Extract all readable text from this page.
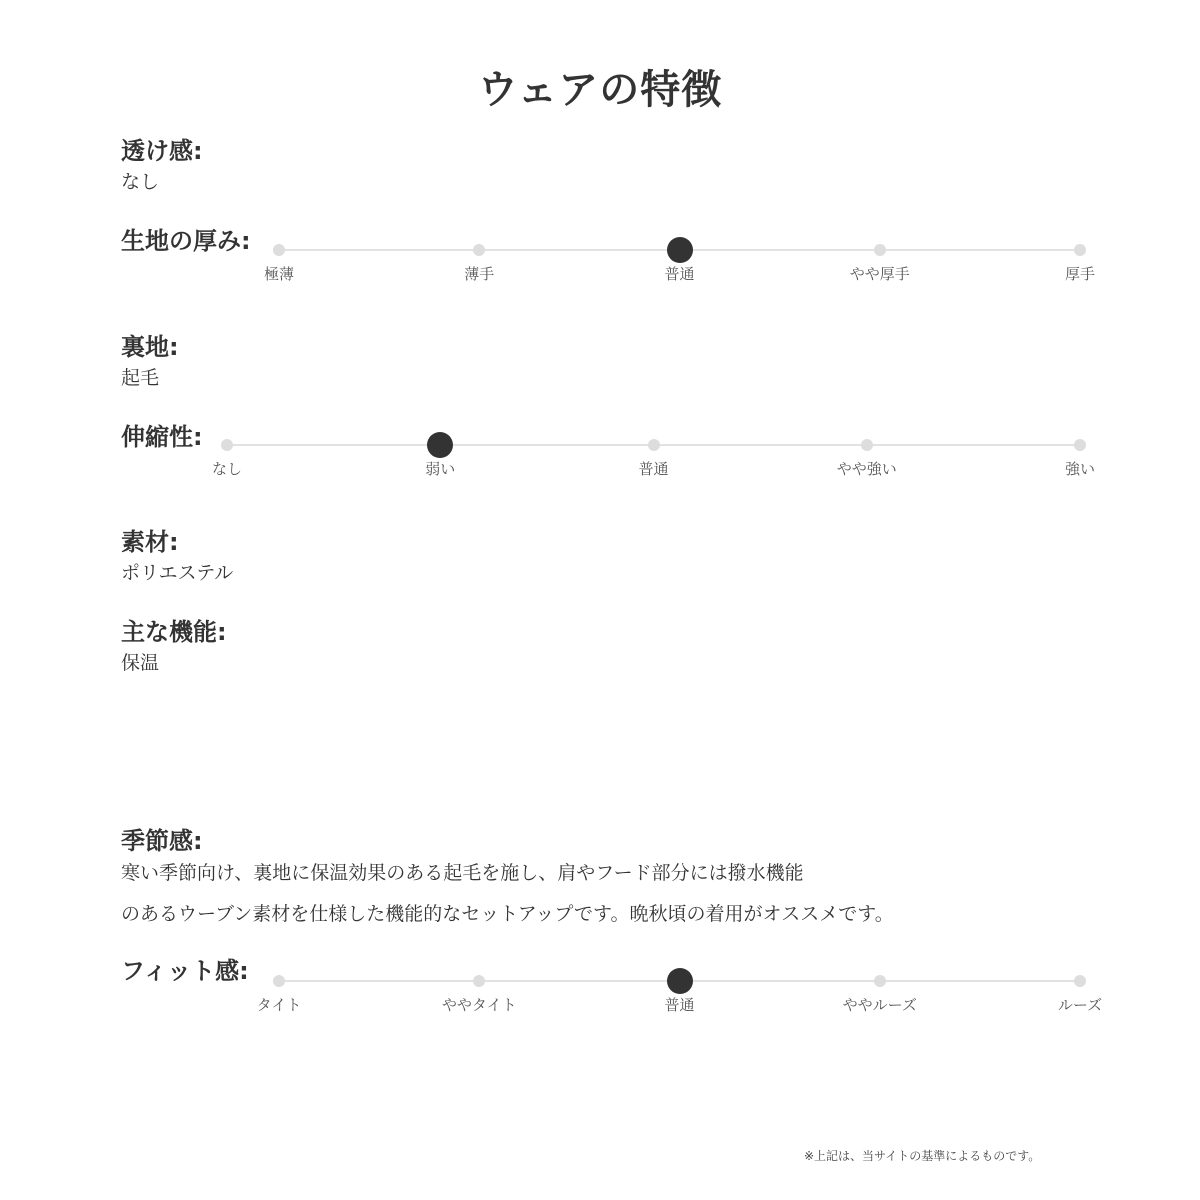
ウェアの特徴
透け感:
なし
生地の厚み:
極薄	薄手	普通	やや厚手	厚手
裏地:
起毛
伸縮性:
なし	弱い	普通	やや強い	強い
素材:
ポリエステル
主な機能:
保温
季節感:
寒い季節向け、裏地に保温効果のある起毛を施し、肩やフード部分には撥水機能
のあるウーブン素材を仕様した機能的なセットアップです。晩秋頃の着用がオススメです。
フィット感:
タイト	ややタイト	普通	ややルーズ	ルーズ
※上記は、当サイトの基準によるものです。
